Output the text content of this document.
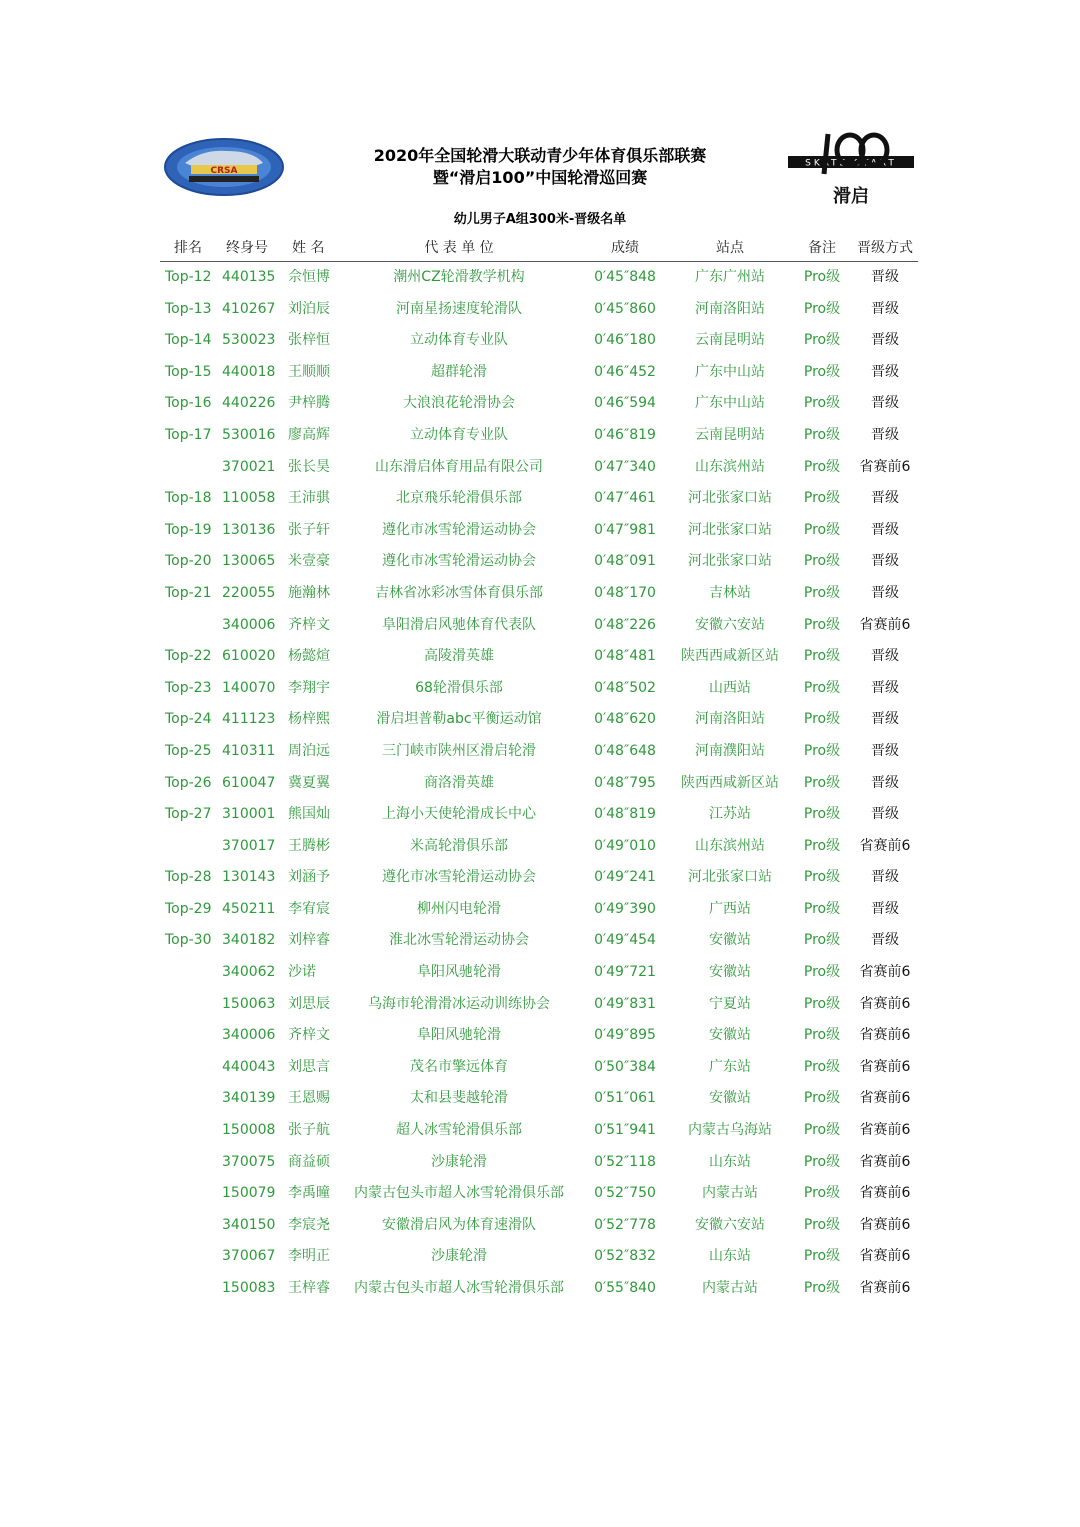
CRSA
2020年全国轮滑大联动青少年体育俱乐部联赛
暨“滑启100”中国轮滑巡回赛
SKATE START
滑启
幼儿男子A组300米-晋级名单
排名	终身号	姓 名	代 表 单 位	成绩	站点	备注	晋级方式
Top-12 440135 佘恒博	潮州CZ轮滑教学机构	0′45″848	广东广州站	Pro级	晋级
Top-13 410267 刘泊辰	河南星扬速度轮滑队	0′45″860	河南洛阳站	Pro级	晋级
Top-14 530023 张梓恒	立动体育专业队	0′46″180	云南昆明站	Pro级	晋级
Top-15 440018 王顺顺	超群轮滑	0′46″452	广东中山站	Pro级	晋级
Top-16 440226 尹梓腾	大浪浪花轮滑协会	0′46″594	广东中山站	Pro级	晋级
Top-17 530016 廖高辉	立动体育专业队	0′46″819	云南昆明站	Pro级	晋级
370021 张长昊	山东滑启体育用品有限公司	0′47″340	山东滨州站	Pro级	省赛前6
Top-18 110058 王沛骐	北京飛乐轮滑俱乐部	0′47″461	河北张家口站	Pro级	晋级
Top-19 130136 张子轩	遵化市冰雪轮滑运动协会	0′47″981	河北张家口站	Pro级	晋级
Top-20 130065 米壹豪	遵化市冰雪轮滑运动协会	0′48″091	河北张家口站	Pro级	晋级
Top-21 220055 施瀚林	吉林省冰彩冰雪体育俱乐部	0′48″170	吉林站	Pro级	晋级
340006 齐梓文	阜阳滑启风驰体育代表队	0′48″226	安徽六安站	Pro级	省赛前6
Top-22 610020 杨懿煊	高陵滑英雄	0′48″481	陕西西咸新区站	Pro级	晋级
Top-23 140070 李翔宇	68轮滑俱乐部	0′48″502	山西站	Pro级	晋级
Top-24 411123 杨梓熙	滑启坦普勒abc平衡运动馆	0′48″620	河南洛阳站	Pro级	晋级
Top-25 410311 周泊远	三门峡市陕州区滑启轮滑	0′48″648	河南濮阳站	Pro级	晋级
Top-26 610047 冀夏翼	商洛滑英雄	0′48″795	陕西西咸新区站	Pro级	晋级
Top-27 310001 熊国灿	上海小天使轮滑成长中心	0′48″819	江苏站	Pro级	晋级
370017 王腾彬	米高轮滑俱乐部	0′49″010	山东滨州站	Pro级	省赛前6
Top-28 130143 刘涵予	遵化市冰雪轮滑运动协会	0′49″241	河北张家口站	Pro级	晋级
Top-29 450211 李宥宸	柳州闪电轮滑	0′49″390	广西站	Pro级	晋级
Top-30 340182 刘梓睿	淮北冰雪轮滑运动协会	0′49″454	安徽站	Pro级	晋级
340062 沙诺	阜阳风驰轮滑	0′49″721	安徽站	Pro级	省赛前6
150063 刘思辰	乌海市轮滑滑冰运动训练协会	0′49″831	宁夏站	Pro级	省赛前6
340006 齐梓文	阜阳风驰轮滑	0′49″895	安徽站	Pro级	省赛前6
440043 刘思言	茂名市擎远体育	0′50″384	广东站	Pro级	省赛前6
340139 王恩赐	太和县斐越轮滑	0′51″061	安徽站	Pro级	省赛前6
150008 张子航	超人冰雪轮滑俱乐部	0′51″941	内蒙古乌海站	Pro级	省赛前6
370075 商益硕	沙康轮滑	0′52″118	山东站	Pro级	省赛前6
150079 李禹曈	内蒙古包头市超人冰雪轮滑俱乐部	0′52″750	内蒙古站	Pro级	省赛前6
340150 李宸尧	安徽滑启风为体育速滑队	0′52″778	安徽六安站	Pro级	省赛前6
370067 李明正	沙康轮滑	0′52″832	山东站	Pro级	省赛前6
150083 王梓睿	内蒙古包头市超人冰雪轮滑俱乐部	0′55″840	内蒙古站	Pro级	省赛前6
